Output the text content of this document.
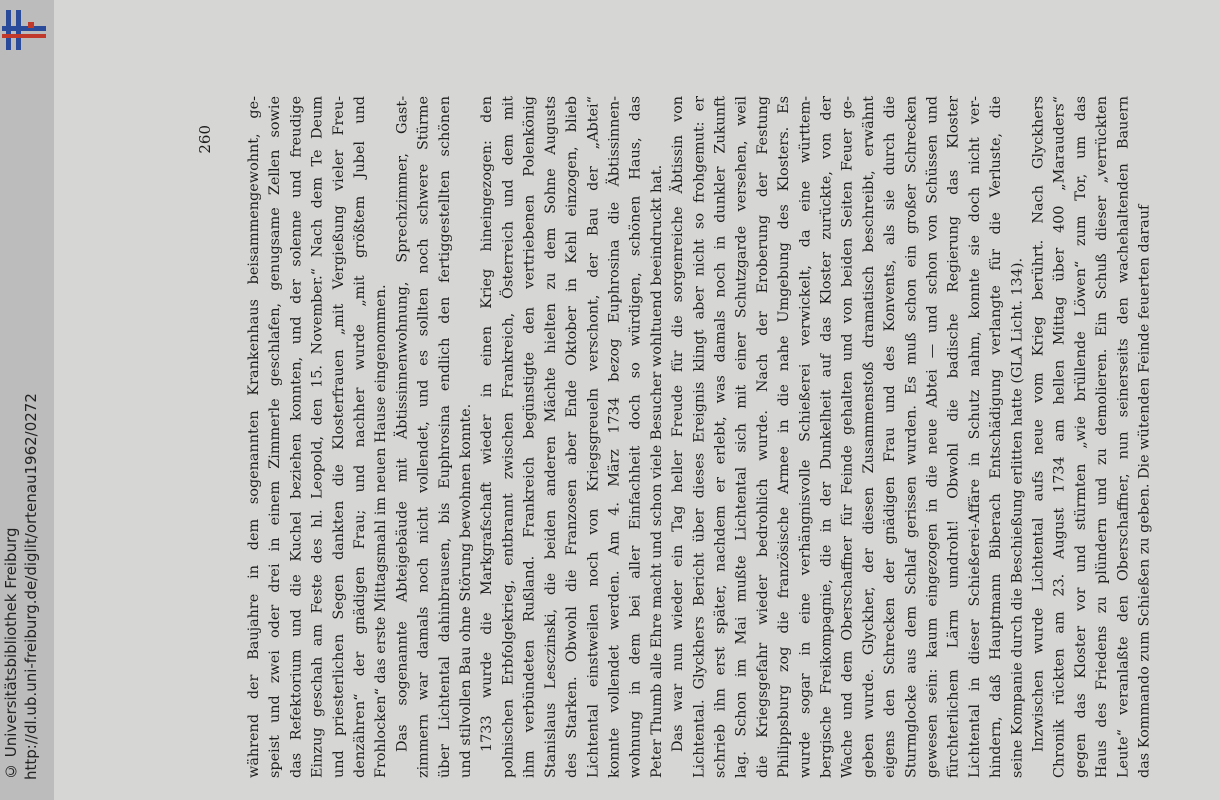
http://dl.ub.uni-freiburg.de/diglit/ortenau1962/0272
© Universitätsbibliothek Freiburg
260 während der Baujahre in dem sogenannten Krankenhaus beisammengewohnt, ge- speist und zwei oder drei in einem Zimmerle geschlafen, genugsame Zellen sowie das Refektorium und die Kuchel beziehen konnten, und der solenne und freudige Einzug geschah am Feste des hl. Leopold, den 15. November.“ Nach dem Te Deum und priesterlichen Segen dankten die Klosterfrauen „mit Vergießung vieler Freu- denzähren“ der gnädigen Frau; und nachher wurde „mit größtem Jubel und Frohlocken“ das erste Mittagsmahl im neuen Hause eingenommen. Das sogenannte Abteigebäude mit Äbtissinnenwohnung, Sprechzimmer, Gast- zimmern war damals noch nicht vollendet, und es sollten noch schwere Stürme über Lichtental dahinbrausen, bis Euphrosina endlich den fertiggestellten schönen und stilvollen Bau ohne Störung bewohnen konnte. 1733 wurde die Markgrafschaft wieder in einen Krieg hineingezogen: den polnischen Erbfolgekrieg, entbrannt zwischen Frankreich, Österreich und dem mit ihm verbündeten Rußland. Frankreich begünstigte den vertriebenen Polenkönig Stanislaus Lesczinski, die beiden anderen Mächte hielten zu dem Sohne Augusts des Starken. Obwohl die Franzosen aber Ende Oktober in Kehl einzogen, blieb Lichtental einstweilen noch von Kriegsgreueln verschont, der Bau der „Abtei“ konnte vollendet werden. Am 4. März 1734 bezog Euphrosina die Äbtissinnen- wohnung in dem bei aller Einfachheit doch so würdigen, schönen Haus, das Peter Thumb alle Ehre macht und schon viele Besucher wohltuend beeindruckt hat. Das war nun wieder ein Tag heller Freude für die sorgenreiche Äbtissin von Lichtental. Glyckhers Bericht über dieses Ereignis klingt aber nicht so frohgemut: er schrieb ihn erst später, nachdem er erlebt, was damals noch in dunkler Zukunft lag. Schon im Mai mußte Lichtental sich mit einer Schutzgarde versehen, weil die Kriegsgefahr wieder bedrohlich wurde. Nach der Eroberung der Festung Philippsburg zog die französische Armee in die nahe Umgebung des Klosters. Es wurde sogar in eine verhängnisvolle Schießerei verwickelt, da eine württem- bergische Freikompagnie, die in der Dunkelheit auf das Kloster zurückte, von der Wache und dem Oberschaffner für Feinde gehalten und von beiden Seiten Feuer ge- geben wurde. Glyckher, der diesen Zusammenstoß dramatisch beschreibt, erwähnt eigens den Schrecken der gnädigen Frau und des Konvents, als sie durch die Sturmglocke aus dem Schlaf gerissen wurden. Es muß schon ein großer Schrecken gewesen sein: kaum eingezogen in die neue Abtei — und schon von Schüssen und fürchterlichem Lärm umdroht! Obwohl die badische Regierung das Kloster Lichtental in dieser Schießerei-Affäre in Schutz nahm, konnte sie doch nicht ver- hindern, daß Hauptmann Biberach Entschädigung verlangte für die Verluste, die seine Kompanie durch die Beschießung erlitten hatte (GLA Licht. 134). Inzwischen wurde Lichtental aufs neue vom Krieg berührt. Nach Glyckhers Chronik rückten am 23. August 1734 am hellen Mittag über 400 „Marauders“ gegen das Kloster vor und stürmten „wie brüllende Löwen“ zum Tor, um das Haus des Friedens zu plündern und zu demolieren. Ein Schuß dieser „verrückten Leute“ veranlaßte den Oberschaffner, nun seinerseits den wachehaltenden Bauern das Kommando zum Schießen zu geben. Die wütenden Feinde feuerten darauf
